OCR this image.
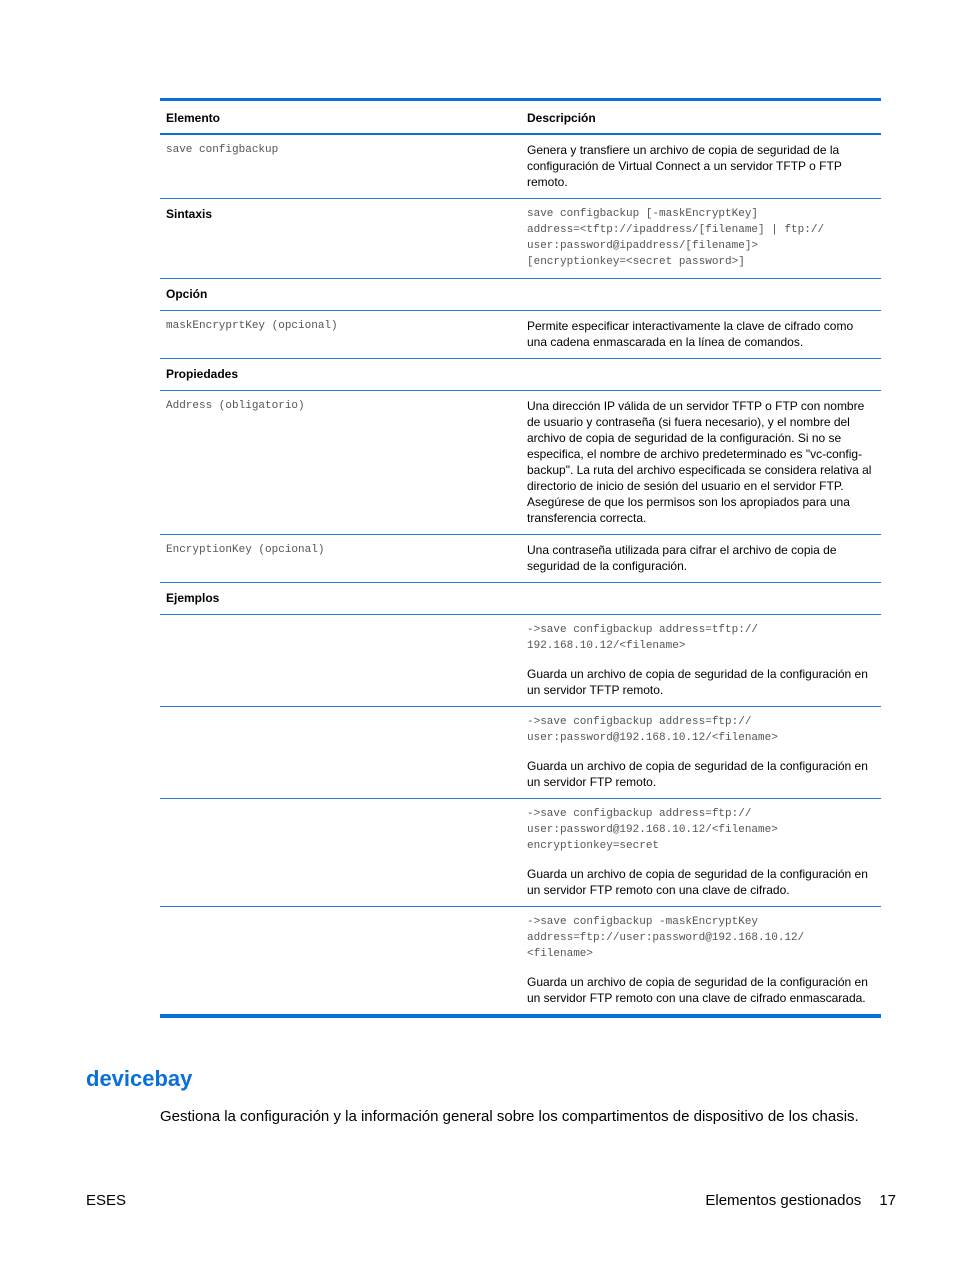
Elemento	Descripción

save configbackup	Genera y transfiere un archivo de copia de seguridad de la configuración de Virtual Connect a un servidor TFTP o FTP remoto.
Sintaxis	save configbackup [-maskEncryptKey]
address=<tftp://ipaddress/[filename] | ftp://
user:password@ipaddress/[filename]>
[encryptionkey=<secret password>]

Opción	

maskEncryprtKey (opcional)	Permite especificar interactivamente la clave de cifrado como una cadena enmascarada en la línea de comandos.
Propiedades	

Address (obligatorio)	Una dirección IP válida de un servidor TFTP o FTP con nombre de usuario y contraseña (si fuera necesario), y el nombre del archivo de copia de seguridad de la configuración. Si no se especifica, el nombre de archivo predeterminado es "vc-config-backup". La ruta del archivo especificada se considera relativa al directorio de inicio de sesión del usuario en el servidor FTP. Asegúrese de que los permisos son los apropiados para una transferencia correcta.

EncryptionKey (opcional)	Una contraseña utilizada para cifrar el archivo de copia de seguridad de la configuración.
Ejemplos	

	->save configbackup address=tftp://
192.168.10.12/<filename>

Guarda un archivo de copia de seguridad de la configuración en un servidor TFTP remoto.

	->save configbackup address=ftp://
user:password@192.168.10.12/<filename>

Guarda un archivo de copia de seguridad de la configuración en un servidor FTP remoto.

	->save configbackup address=ftp://
user:password@192.168.10.12/<filename>
encryptionkey=secret

Guarda un archivo de copia de seguridad de la configuración en un servidor FTP remoto con una clave de cifrado.

	->save configbackup -maskEncryptKey
address=ftp://user:password@192.168.10.12/
<filename>

Guarda un archivo de copia de seguridad de la configuración en un servidor FTP remoto con una clave de cifrado enmascarada.

devicebay

Gestiona la configuración y la información general sobre los compartimentos de dispositivo de los chasis.

ESES	Elementos gestionados 17
